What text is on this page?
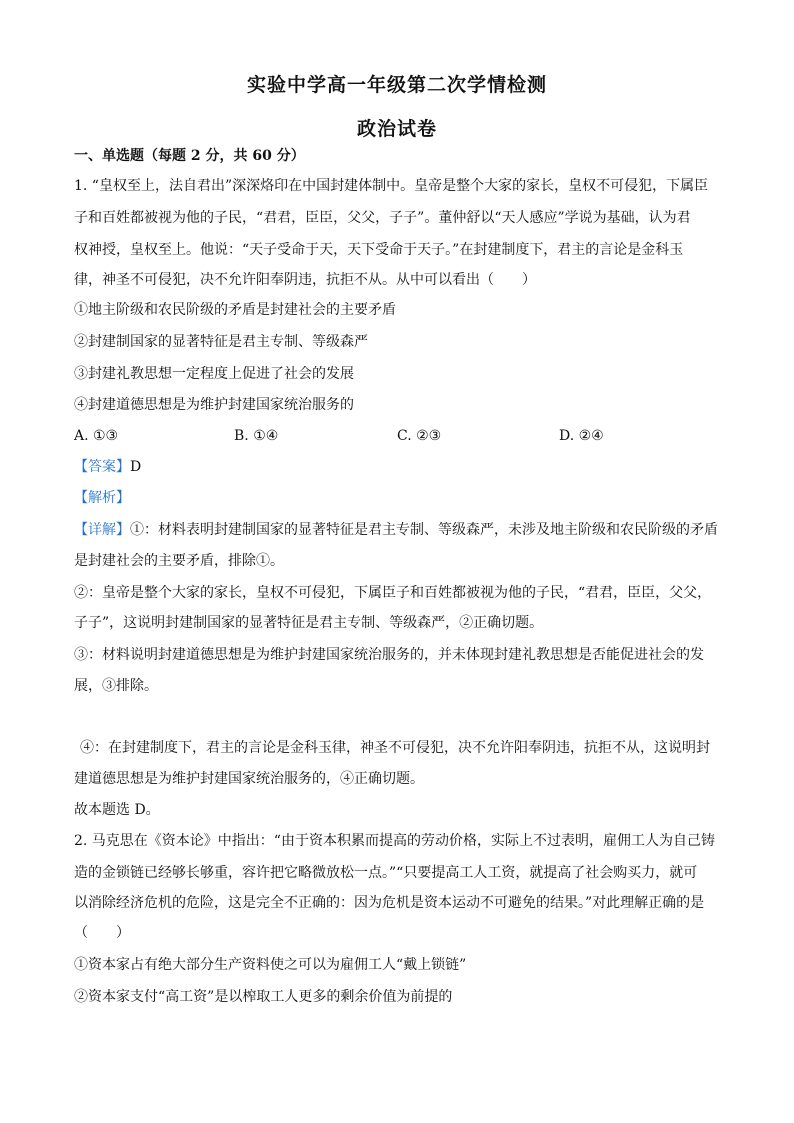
实验中学高一年级第二次学情检测
政治试卷
一、单选题（每题 2 分，共 60 分）
1. “皇权至上，法自君出”深深烙印在中国封建体制中。皇帝是整个大家的家长，皇权不可侵犯，下属臣
子和百姓都被视为他的子民，“君君，臣臣，父父，子子”。董仲舒以“天人感应”学说为基础，认为君
权神授，皇权至上。他说：“天子受命于天，天下受命于天子。”在封建制度下，君主的言论是金科玉
律，神圣不可侵犯，决不允许阳奉阴违，抗拒不从。从中可以看出（　　）
①地主阶级和农民阶级的矛盾是封建社会的主要矛盾
②封建制国家的显著特征是君主专制、等级森严
③封建礼教思想一定程度上促进了社会的发展
④封建道德思想是为维护封建国家统治服务的
A. ①③	B. ①④	C. ②③	D. ②④
【答案】D
【解析】
【详解】①：材料表明封建制国家的显著特征是君主专制、等级森严，未涉及地主阶级和农民阶级的矛盾
是封建社会的主要矛盾，排除①。
②：皇帝是整个大家的家长，皇权不可侵犯，下属臣子和百姓都被视为他的子民，“君君，臣臣，父父，
子子”，这说明封建制国家的显著特征是君主专制、等级森严，②正确切题。
③：材料说明封建道德思想是为维护封建国家统治服务的，并未体现封建礼教思想是否能促进社会的发
展，③排除。
④：在封建制度下，君主的言论是金科玉律，神圣不可侵犯，决不允许阳奉阴违，抗拒不从，这说明封
建道德思想是为维护封建国家统治服务的，④正确切题。
故本题选 D。
2. 马克思在《资本论》中指出：“由于资本积累而提高的劳动价格，实际上不过表明，雇佣工人为自己铸
造的金锁链已经够长够重，容许把它略微放松一点。”“只要提高工人工资，就提高了社会购买力，就可
以消除经济危机的危险，这是完全不正确的：因为危机是资本运动不可避免的结果。”对此理解正确的是
（　　）
①资本家占有绝大部分生产资料使之可以为雇佣工人“戴上锁链”
②资本家支付“高工资”是以榨取工人更多的剩余价值为前提的
